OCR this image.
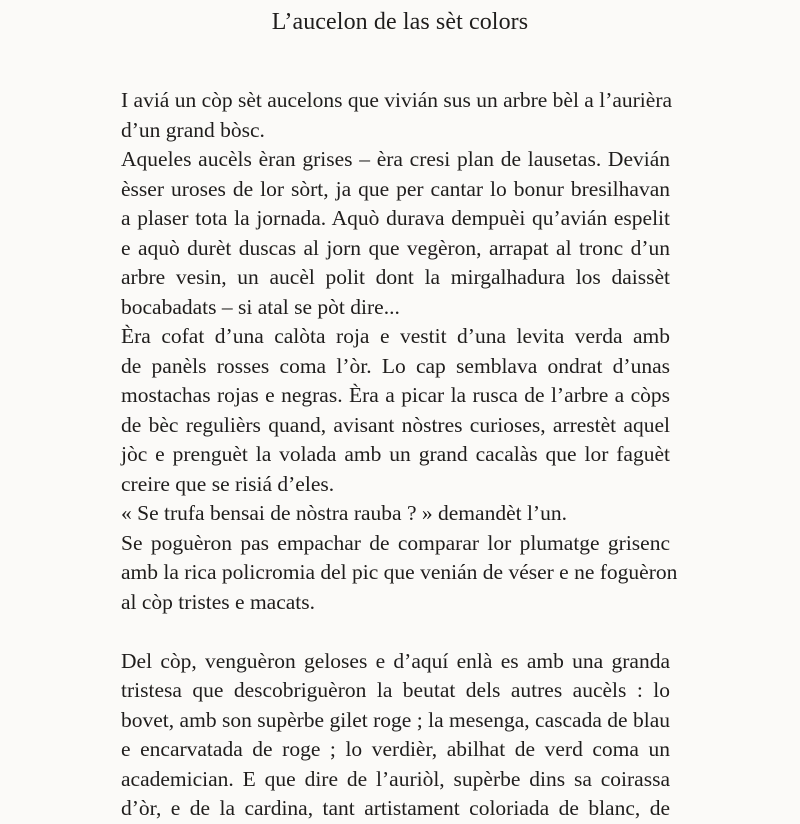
L’aucelon de las sèt colors
I aviá un còp sèt aucelons que vivián sus un arbre bèl a l’aurièra
d’un grand bòsc.
Aqueles aucèls èran grises – èra cresi plan de lausetas. Devián
èsser uroses de lor sòrt, ja que per cantar lo bonur bresilhavan
a plaser tota la jornada. Aquò durava dempuèi qu’avián espelit
e aquò durèt duscas al jorn que vegèron, arrapat al tronc d’un
arbre vesin, un aucèl polit dont la mirgalhadura los daissèt
bocabadats – si atal se pòt dire...
Èra cofat d’una calòta roja e vestit d’una levita verda amb
de panèls rosses coma l’òr. Lo cap semblava ondrat d’unas
mostachas rojas e negras. Èra a picar la rusca de l’arbre a còps
de bèc regulièrs quand, avisant nòstres curioses, arrestèt aquel
jòc e prenguèt la volada amb un grand cacalàs que lor faguèt
creire que se risiá d’eles.
« Se trufa bensai de nòstra rauba ? » demandèt l’un.
Se poguèron pas empachar de comparar lor plumatge grisenc
amb la rica policromia del pic que venián de véser e ne foguèron
al còp tristes e macats.
Del còp, venguèron geloses e d’aquí enlà es amb una granda
tristesa que descobriguèron la beutat dels autres aucèls : lo
bovet, amb son supèrbe gilet roge ; la mesenga, cascada de blau
e encarvatada de roge ; lo verdièr, abilhat de verd coma un
academician. E que dire de l’auriòl, supèrbe dins sa coirassa
d’òr, e de la cardina, tant artistament coloriada de blanc, de
